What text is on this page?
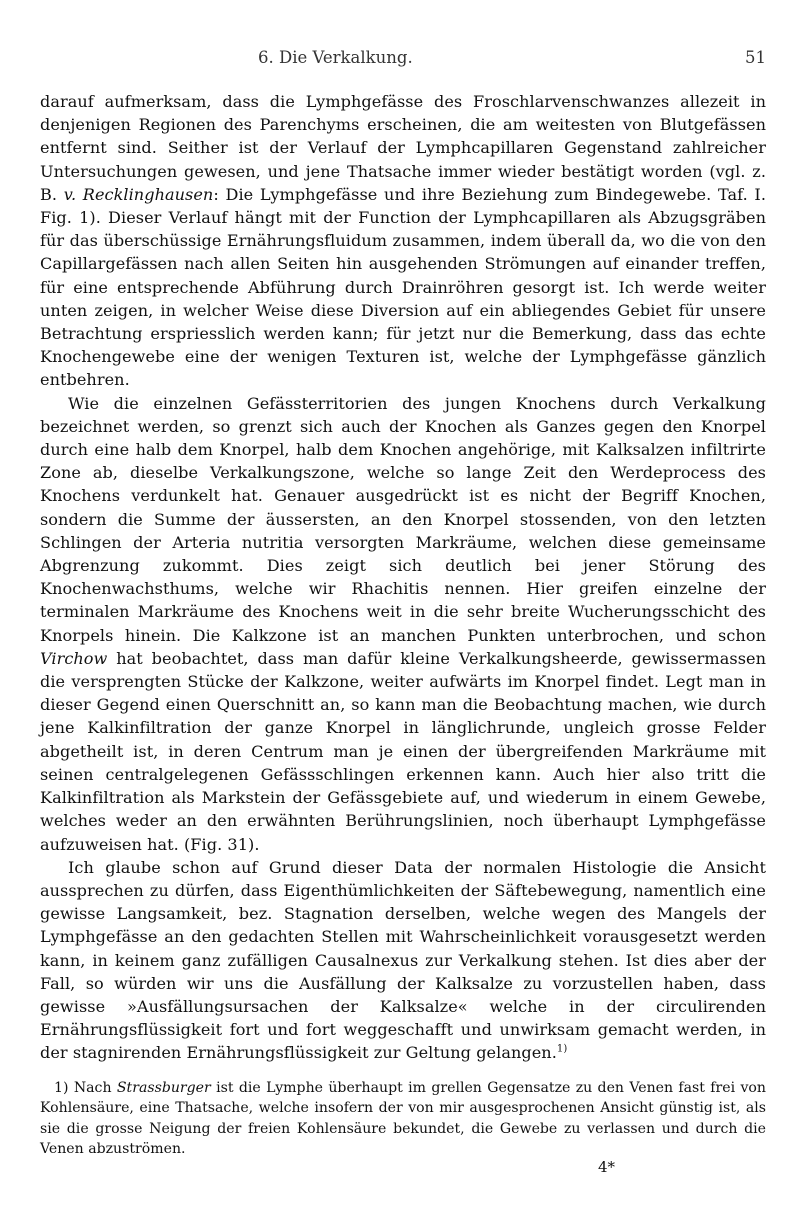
6. Die Verkalkung.	51

darauf aufmerksam, dass die Lymphgefässe des Froschlarvenschwanzes allezeit in denjenigen Regionen des Parenchyms erscheinen, die am weitesten von Blutgefässen entfernt sind. Seither ist der Verlauf der Lymphcapillaren Gegenstand zahlreicher Untersuchungen gewesen, und jene Thatsache immer wieder bestätigt worden (vgl. z. B. v. Recklinghausen: Die Lymphgefässe und ihre Beziehung zum Bindegewebe. Taf. I. Fig. 1). Dieser Verlauf hängt mit der Function der Lymphcapillaren als Abzugsgräben für das überschüssige Ernährungsfluidum zusammen, indem überall da, wo die von den Capillargefässen nach allen Seiten hin ausgehenden Strömungen auf einander treffen, für eine entsprechende Abführung durch Drainröhren gesorgt ist. Ich werde weiter unten zeigen, in welcher Weise diese Diversion auf ein abliegendes Gebiet für unsere Betrachtung erspriesslich werden kann; für jetzt nur die Bemerkung, dass das echte Knochengewebe eine der wenigen Texturen ist, welche der Lymphgefässe gänzlich entbehren.

Wie die einzelnen Gefässterritorien des jungen Knochens durch Verkalkung bezeichnet werden, so grenzt sich auch der Knochen als Ganzes gegen den Knorpel durch eine halb dem Knorpel, halb dem Knochen angehörige, mit Kalksalzen infiltrirte Zone ab, dieselbe Verkalkungszone, welche so lange Zeit den Werdeprocess des Knochens verdunkelt hat. Genauer ausgedrückt ist es nicht der Begriff Knochen, sondern die Summe der äussersten, an den Knorpel stossenden, von den letzten Schlingen der Arteria nutritia versorgten Markräume, welchen diese gemeinsame Abgrenzung zukommt. Dies zeigt sich deutlich bei jener Störung des Knochenwachsthums, welche wir Rhachitis nennen. Hier greifen einzelne der terminalen Markräume des Knochens weit in die sehr breite Wucherungsschicht des Knorpels hinein. Die Kalkzone ist an manchen Punkten unterbrochen, und schon Virchow hat beobachtet, dass man dafür kleine Verkalkungsheerde, gewissermassen die versprengten Stücke der Kalkzone, weiter aufwärts im Knorpel findet. Legt man in dieser Gegend einen Querschnitt an, so kann man die Beobachtung machen, wie durch jene Kalkinfiltration der ganze Knorpel in länglichrunde, ungleich grosse Felder abgetheilt ist, in deren Centrum man je einen der übergreifenden Markräume mit seinen centralgelegenen Gefässschlingen erkennen kann. Auch hier also tritt die Kalkinfiltration als Markstein der Gefässgebiete auf, und wiederum in einem Gewebe, welches weder an den erwähnten Berührungslinien, noch überhaupt Lymphgefässe aufzuweisen hat. (Fig. 31).

Ich glaube schon auf Grund dieser Data der normalen Histologie die Ansicht aussprechen zu dürfen, dass Eigenthümlichkeiten der Säftebewegung, namentlich eine gewisse Langsamkeit, bez. Stagnation derselben, welche wegen des Mangels der Lymphgefässe an den gedachten Stellen mit Wahrscheinlichkeit vorausgesetzt werden kann, in keinem ganz zufälligen Causalnexus zur Verkalkung stehen. Ist dies aber der Fall, so würden wir uns die Ausfällung der Kalksalze zu vorzustellen haben, dass gewisse »Ausfällungsursachen der Kalksalze« welche in der circulirenden Ernährungsflüssigkeit fort und fort weggeschafft und unwirksam gemacht werden, in der stagnirenden Ernährungsflüssigkeit zur Geltung gelangen.$^{1)}$

1) Nach Strassburger ist die Lymphe überhaupt im grellen Gegensatze zu den Venen fast frei von Kohlensäure, eine Thatsache, welche insofern der von mir ausgesprochenen Ansicht günstig ist, als sie die grosse Neigung der freien Kohlensäure bekundet, die Gewebe zu verlassen und durch die Venen abzuströmen.

4*
